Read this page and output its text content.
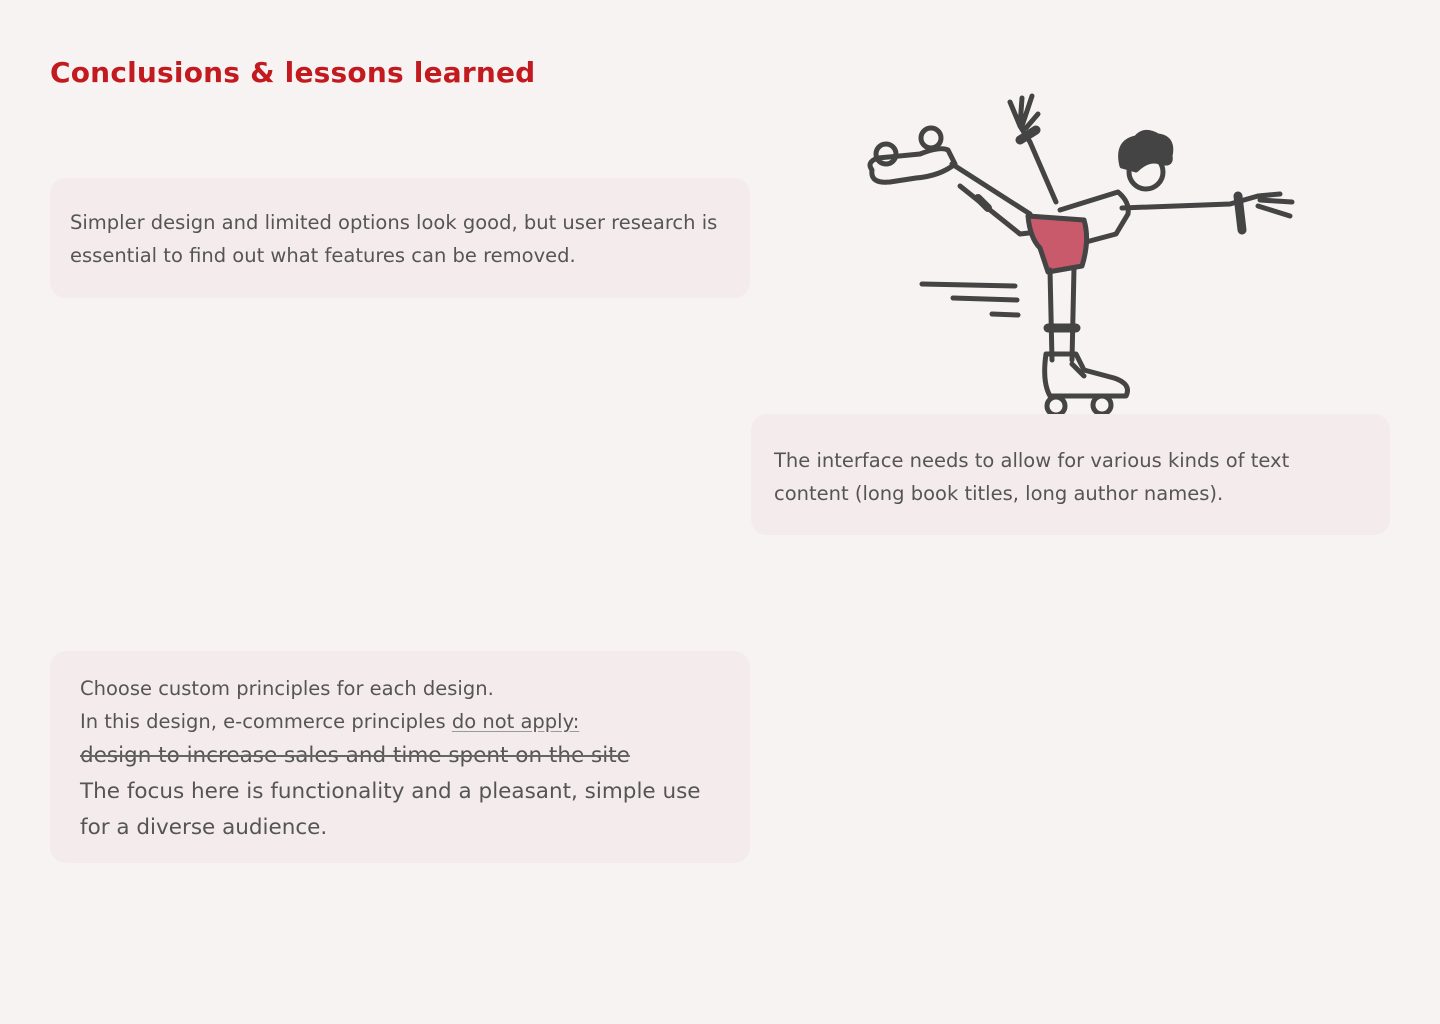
Conclusions & lessons learned

Simpler design and limited options look good, but user research is essential to find out what features can be removed.

The interface needs to allow for various kinds of text content (long book titles, long author names).

Choose custom principles for each design.

In this design, e-commerce principles do not apply:

design to increase sales and time spent on the site

The focus here is functionality and a pleasant, simple use for a diverse audience.
